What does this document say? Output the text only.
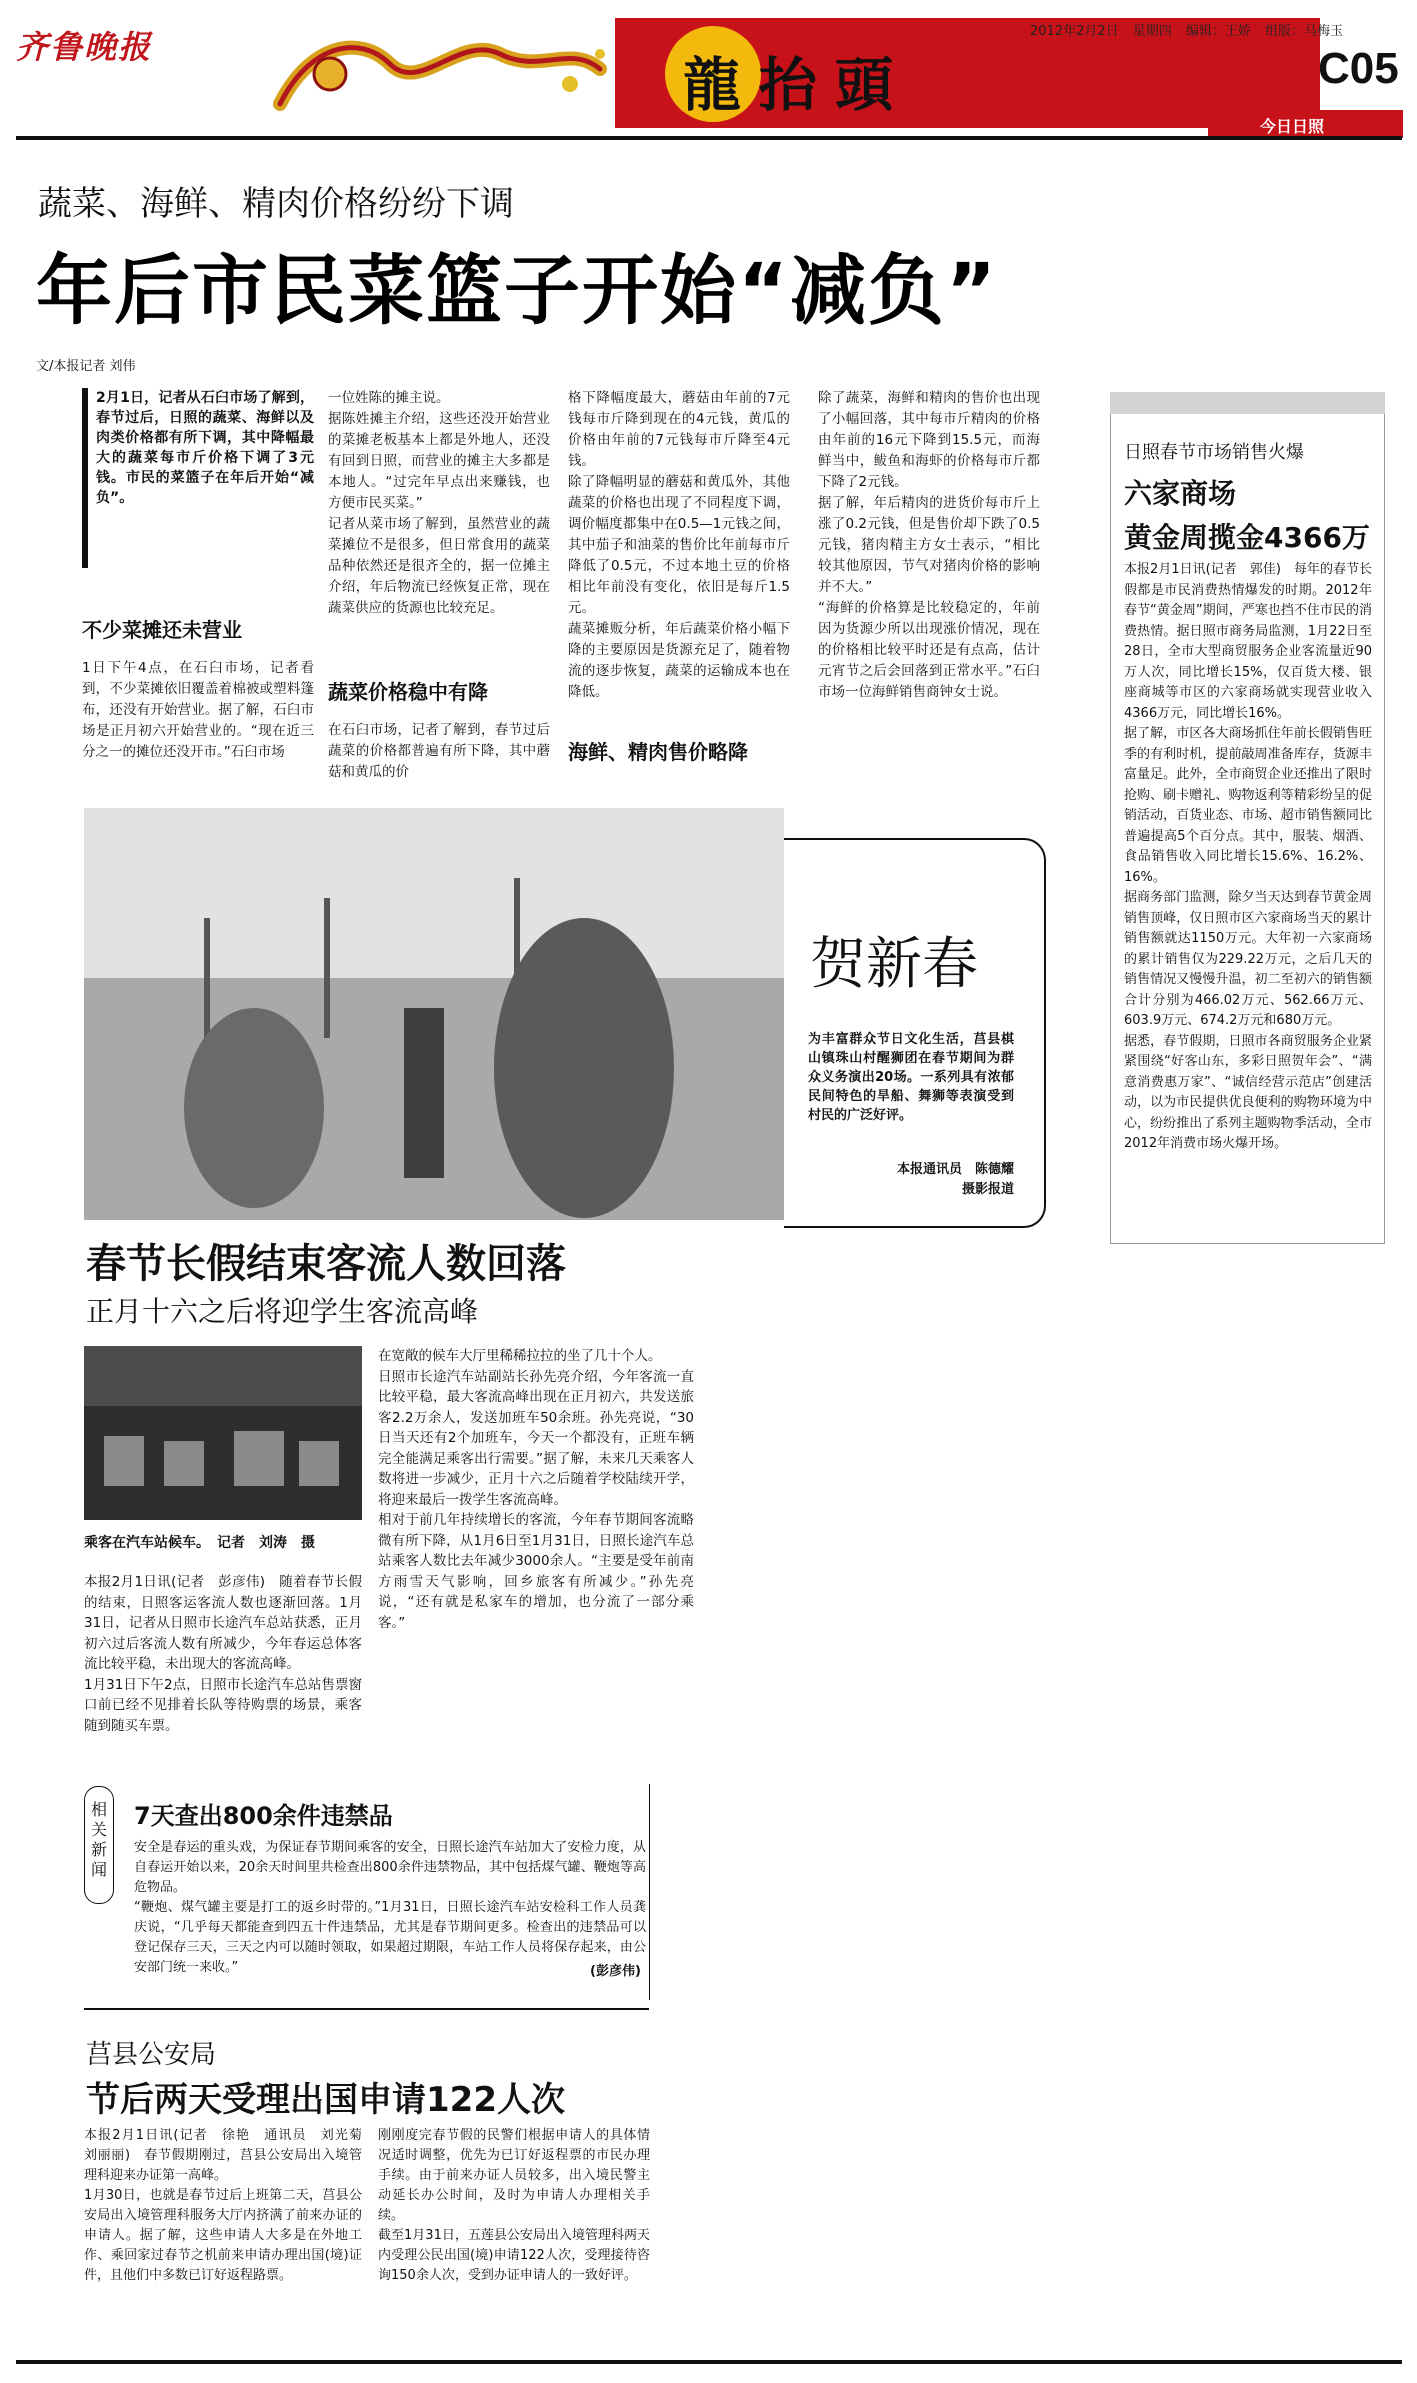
齐鲁晚报
龍抬頭
2012年2月2日 星期四 编辑：王娇 组版：马梅玉
C05
今日日照
蔬菜、海鲜、精肉价格纷纷下调
年后市民菜篮子开始“减负”
文/本报记者 刘伟

2月1日，记者从石臼市场了解到，春节过后，日照的蔬菜、海鲜以及肉类价格都有所下调，其中降幅最大的蔬菜每市斤价格下调了3元钱。市民的菜篮子在年后开始“减负”。

不少菜摊还未营业

1日下午4点，在石臼市场，记者看到，不少菜摊依旧覆盖着棉被或塑料篷布，还没有开始营业。据了解，石臼市场是正月初六开始营业的。“现在近三分之一的摊位还没开市。”石臼市场

一位姓陈的摊主说。
据陈姓摊主介绍，这些还没开始营业的菜摊老板基本上都是外地人，还没有回到日照，而营业的摊主大多都是本地人。“过完年早点出来赚钱，也方便市民买菜。”
记者从菜市场了解到，虽然营业的蔬菜摊位不是很多，但日常食用的蔬菜品种依然还是很齐全的，据一位摊主介绍，年后物流已经恢复正常，现在蔬菜供应的货源也比较充足。

蔬菜价格稳中有降

在石臼市场，记者了解到，春节过后蔬菜的价格都普遍有所下降，其中蘑菇和黄瓜的价

格下降幅度最大，蘑菇由年前的7元钱每市斤降到现在的4元钱，黄瓜的价格由年前的7元钱每市斤降至4元钱。
除了降幅明显的蘑菇和黄瓜外，其他蔬菜的价格也出现了不同程度下调，调价幅度都集中在0.5—1元钱之间，其中茄子和油菜的售价比年前每市斤降低了0.5元，不过本地土豆的价格相比年前没有变化，依旧是每斤1.5元。
蔬菜摊贩分析，年后蔬菜价格小幅下降的主要原因是货源充足了，随着物流的逐步恢复，蔬菜的运输成本也在降低。

海鲜、精肉售价略降

除了蔬菜，海鲜和精肉的售价也出现了小幅回落，其中每市斤精肉的价格由年前的16元下降到15.5元，而海鲜当中，鲅鱼和海虾的价格每市斤都下降了2元钱。
据了解，年后精肉的进货价每市斤上涨了0.2元钱，但是售价却下跌了0.5元钱，猪肉精主方女士表示，“相比较其他原因，节气对猪肉价格的影响并不大。”
“海鲜的价格算是比较稳定的，年前因为货源少所以出现涨价情况，现在的价格相比较平时还是有点高，估计元宵节之后会回落到正常水平。”石臼市场一位海鲜销售商钟女士说。

贺新春

为丰富群众节日文化生活，莒县棋山镇珠山村醒狮团在春节期间为群众义务演出20场。一系列具有浓郁民间特色的旱船、舞狮等表演受到村民的广泛好评。

本报通讯员　陈德耀
摄影报道

日照春节市场销售火爆
六家商场
黄金周揽金4366万

本报2月1日讯(记者　郭佳)　每年的春节长假都是市民消费热情爆发的时期。2012年春节“黄金周”期间，严寒也挡不住市民的消费热情。据日照市商务局监测，1月22日至28日，全市大型商贸服务企业客流量近90万人次，同比增长15%，仅百货大楼、银座商城等市区的六家商场就实现营业收入4366万元，同比增长16%。
据了解，市区各大商场抓住年前长假销售旺季的有利时机，提前敲周准备库存，货源丰富量足。此外，全市商贸企业还推出了限时抢购、刷卡赠礼、购物返利等精彩纷呈的促销活动，百货业态、市场、超市销售额同比普遍提高5个百分点。其中，服装、烟酒、食品销售收入同比增长15.6%、16.2%、16%。
据商务部门监测，除夕当天达到春节黄金周销售顶峰，仅日照市区六家商场当天的累计销售额就达1150万元。大年初一六家商场的累计销售仅为229.22万元，之后几天的销售情况又慢慢升温，初二至初六的销售额合计分别为466.02万元、562.66万元、603.9万元、674.2万元和680万元。
据悉，春节假期，日照市各商贸服务企业紧紧围绕“好客山东，多彩日照贺年会”、“满意消费惠万家”、“诚信经营示范店”创建活动，以为市民提供优良便利的购物环境为中心，纷纷推出了系列主题购物季活动，全市2012年消费市场火爆开场。

春节长假结束客流人数回落
正月十六之后将迎学生客流高峰
乘客在汽车站候车。　记者　刘涛　摄

本报2月1日讯(记者　彭彦伟)　随着春节长假的结束，日照客运客流人数也逐渐回落。1月31日，记者从日照市长途汽车总站获悉，正月初六过后客流人数有所减少，今年春运总体客流比较平稳，未出现大的客流高峰。
1月31日下午2点，日照市长途汽车总站售票窗口前已经不见排着长队等待购票的场景，乘客随到随买车票。

在宽敞的候车大厅里稀稀拉拉的坐了几十个人。
日照市长途汽车站副站长孙先亮介绍，今年客流一直比较平稳，最大客流高峰出现在正月初六，共发送旅客2.2万余人，发送加班车50余班。孙先亮说，“30日当天还有2个加班车，今天一个都没有，正班车辆完全能满足乘客出行需要。”据了解，未来几天乘客人数将进一步减少，正月十六之后随着学校陆续开学，将迎来最后一拨学生客流高峰。
相对于前几年持续增长的客流，今年春节期间客流略微有所下降，从1月6日至1月31日，日照长途汽车总站乘客人数比去年减少3000余人。“主要是受年前南方雨雪天气影响，回乡旅客有所减少。”孙先亮说，“还有就是私家车的增加，也分流了一部分乘客。”

相关新闻
7天查出800余件违禁品

安全是春运的重头戏，为保证春节期间乘客的安全，日照长途汽车站加大了安检力度，从自春运开始以来，20余天时间里共检查出800余件违禁物品，其中包括煤气罐、鞭炮等高危物品。
“鞭炮、煤气罐主要是打工的返乡时带的。”1月31日，日照长途汽车站安检科工作人员龚庆说，“几乎每天都能查到四五十件违禁品，尤其是春节期间更多。检查出的违禁品可以登记保存三天，三天之内可以随时领取，如果超过期限，车站工作人员将保存起来，由公安部门统一来收。”	(彭彦伟)
莒县公安局
节后两天受理出国申请122人次

本报2月1日讯(记者　徐艳　通讯员　刘光菊　刘丽丽)　春节假期刚过，莒县公安局出入境管理科迎来办证第一高峰。
1月30日，也就是春节过后上班第二天，莒县公安局出入境管理科服务大厅内挤满了前来办证的申请人。据了解，这些申请人大多是在外地工作、乘回家过春节之机前来申请办理出国(境)证件，且他们中多数已订好返程路票。

刚刚度完春节假的民警们根据申请人的具体情况适时调整，优先为已订好返程票的市民办理手续。由于前来办证人员较多，出入境民警主动延长办公时间，及时为申请人办理相关手续。
截至1月31日，五莲县公安局出入境管理科两天内受理公民出国(境)申请122人次，受理接待咨询150余人次，受到办证申请人的一致好评。
